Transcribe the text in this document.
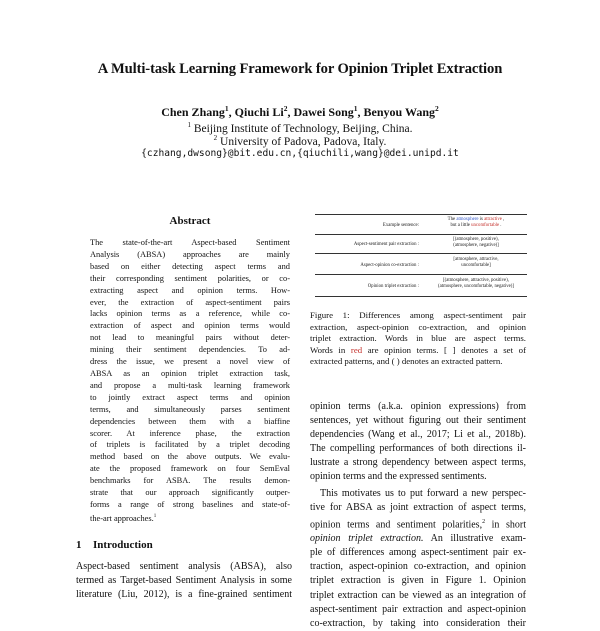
A Multi-task Learning Framework for Opinion Triplet Extraction
Chen Zhang$^1$, Qiuchi Li$^2$, Dawei Song$^1$, Benyou Wang$^2$
$^1$ Beijing Institute of Technology, Beijing, China.
$^2$ University of Padova, Padova, Italy.
{czhang,dwsong}@bit.edu.cn,{qiuchili,wang}@dei.unipd.it
Abstract
The state-of-the-art Aspect-based Sentiment
Analysis (ABSA) approaches are mainly
based on either detecting aspect terms and
their corresponding sentiment polarities, or co-
extracting aspect and opinion terms. How-
ever, the extraction of aspect-sentiment pairs
lacks opinion terms as a reference, while co-
extraction of aspect and opinion terms would
not lead to meaningful pairs without deter-
mining their sentiment dependencies. To ad-
dress the issue, we present a novel view of
ABSA as an opinion triplet extraction task,
and propose a multi-task learning framework
to jointly extract aspect terms and opinion
terms, and simultaneously parses sentiment
dependencies between them with a biaffine
scorer. At inference phase, the extraction
of triplets is facilitated by a triplet decoding
method based on the above outputs. We evalu-
ate the proposed framework on four SemEval
benchmarks for ASBA. The results demon-
strate that our approach significantly outper-
forms a range of strong baselines and state-of-
the-art approaches.$^1$
1 Introduction
Aspect-based sentiment analysis (ABSA), also
termed as Target-based Sentiment Analysis in some
literature (Liu, 2012), is a fine-grained sentiment
Example sentence:
The atmosphere is attractive ,
but a little uncomfortable .
Aspect-sentiment pair extraction :
[(atmosphere, positive),
(atmosphere, negative)]
Aspect-opinion co-extraction :
[atmosphere, attractive,
uncomfortable]
Opinion triplet extraction :
[(atmosphere, attractive, positive),
(atmosphere, uncomfortable, negative)]
Figure 1: Differences among aspect-sentiment pair
extraction, aspect-opinion co-extraction, and opinion
triplet extraction. Words in blue are aspect terms.
Words in red are opinion terms. [ ] denotes a set of
extracted patterns, and ( ) denotes an extracted pattern.
opinion terms (a.k.a. opinion expressions) from
sentences, yet without figuring out their sentiment
dependencies (Wang et al., 2017; Li et al., 2018b).
The compelling performances of both directions il-
lustrate a strong dependency between aspect terms,
opinion terms and the expressed sentiments.
This motivates us to put forward a new perspec-
tive for ABSA as joint extraction of aspect terms,
opinion terms and sentiment polarities,$^2$ in short
opinion triplet extraction. An illustrative exam-
ple of differences among aspect-sentiment pair ex-
traction, aspect-opinion co-extraction, and opinion
triplet extraction is given in Figure 1. Opinion
triplet extraction can be viewed as an integration of
aspect-sentiment pair extraction and aspect-opinion
co-extraction, by taking into consideration their
